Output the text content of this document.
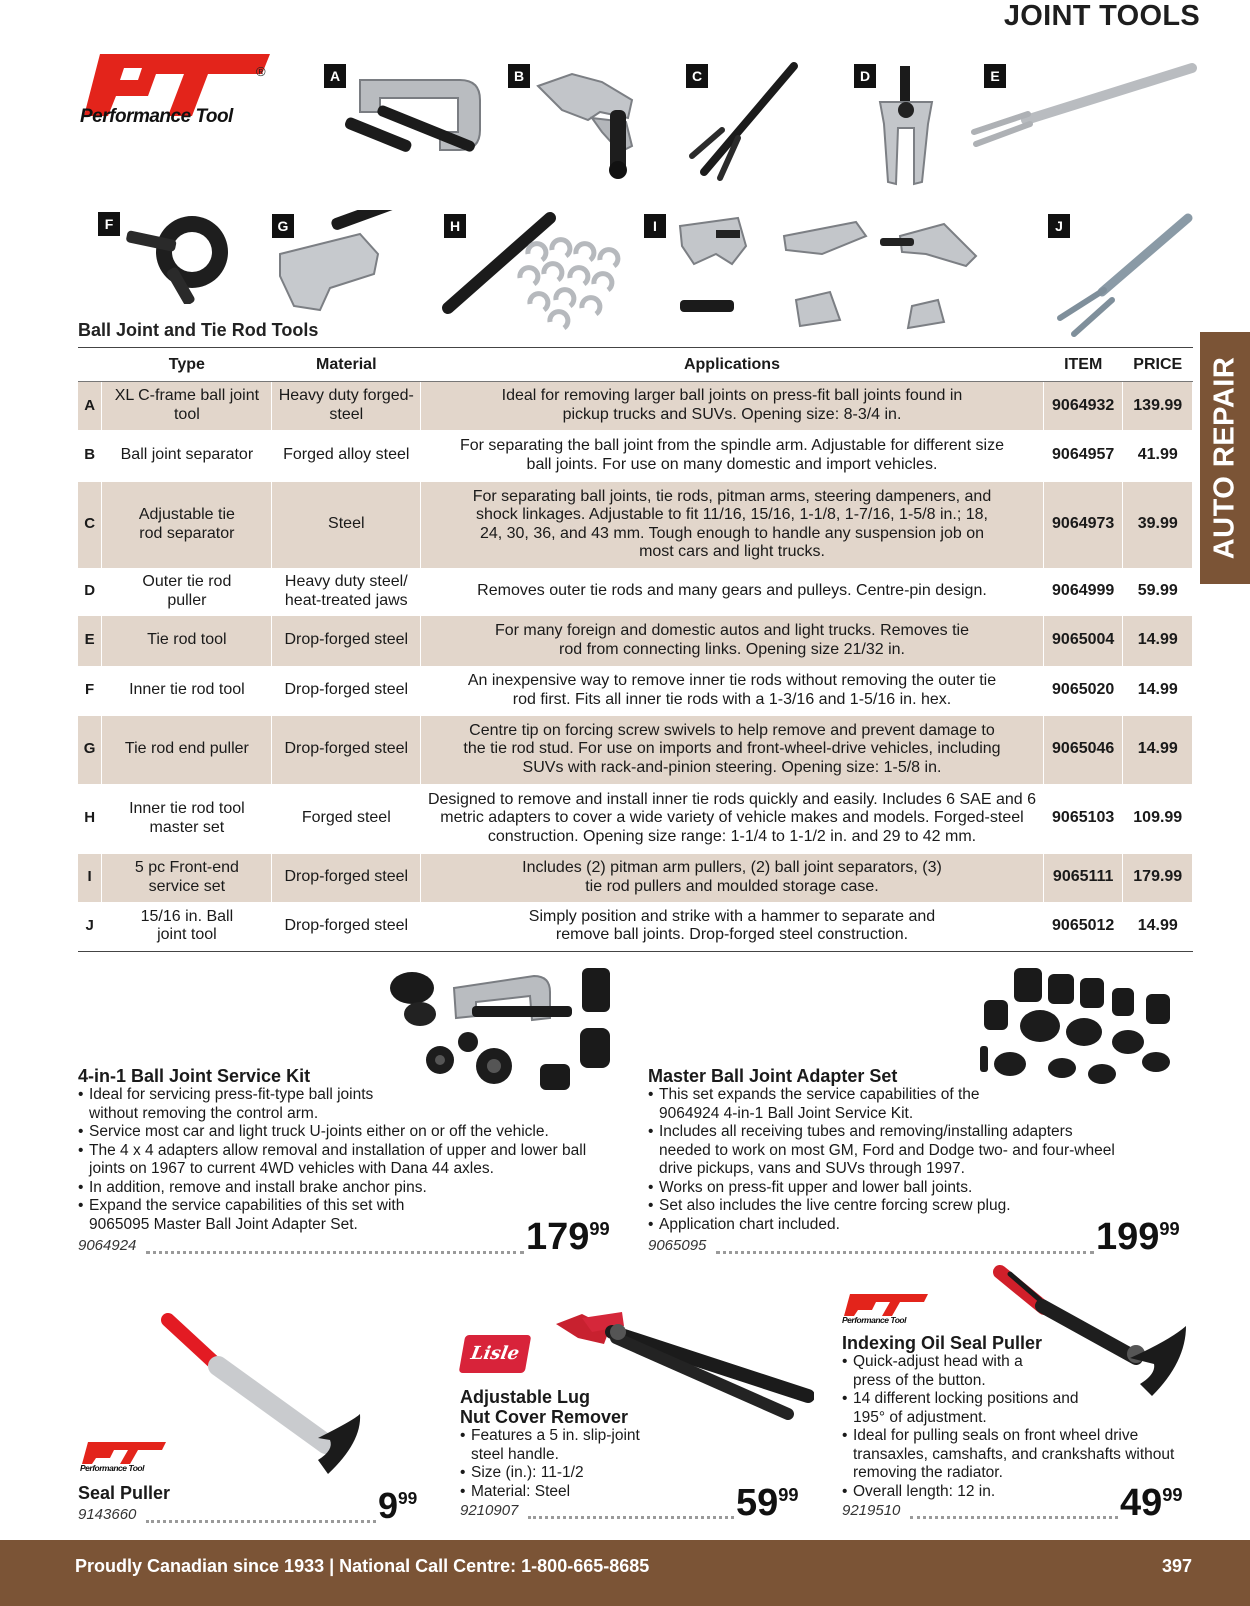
JOINT TOOLS
®
Performance Tool
A	B	C	D	E
F	G	H	I	J
Ball Joint and Tie Rod Tools
	Type	Material	Applications	ITEM	PRICE
A	XL C-frame ball joint tool	Heavy duty forged-steel	Ideal for removing larger ball joints on press-fit ball joints found in pickup trucks and SUVs. Opening size: 8-3/4 in.	9064932	139.99
B	Ball joint separator	Forged alloy steel	For separating the ball joint from the spindle arm. Adjustable for different size ball joints. For use on many domestic and import vehicles.	9064957	41.99
C	Adjustable tie rod separator	Steel	For separating ball joints, tie rods, pitman arms, steering dampeners, and shock linkages. Adjustable to fit 11/16, 15/16, 1-1/8, 1-7/16, 1-5/8 in.; 18, 24, 30, 36, and 43 mm. Tough enough to handle any suspension job on most cars and light trucks.	9064973	39.99
D	Outer tie rod puller	Heavy duty steel/ heat-treated jaws	Removes outer tie rods and many gears and pulleys. Centre-pin design.	9064999	59.99
E	Tie rod tool	Drop-forged steel	For many foreign and domestic autos and light trucks. Removes tie rod from connecting links. Opening size 21/32 in.	9065004	14.99
F	Inner tie rod tool	Drop-forged steel	An inexpensive way to remove inner tie rods without removing the outer tie rod first. Fits all inner tie rods with a 1-3/16 and 1-5/16 in. hex.	9065020	14.99
G	Tie rod end puller	Drop-forged steel	Centre tip on forcing screw swivels to help remove and prevent damage to the tie rod stud. For use on imports and front-wheel-drive vehicles, including SUVs with rack-and-pinion steering. Opening size: 1-5/8 in.	9065046	14.99
H	Inner tie rod tool master set	Forged steel	Designed to remove and install inner tie rods quickly and easily. Includes 6 SAE and 6 metric adapters to cover a wide variety of vehicle makes and models. Forged-steel construction. Opening size range: 1-1/4 to 1-1/2 in. and 29 to 42 mm.	9065103	109.99
I	5 pc Front-end service set	Drop-forged steel	Includes (2) pitman arm pullers, (2) ball joint separators, (3) tie rod pullers and moulded storage case.	9065111	179.99
J	15/16 in. Ball joint tool	Drop-forged steel	Simply position and strike with a hammer to separate and remove ball joints. Drop-forged steel construction.	9065012	14.99
AUTO REPAIR
4-in-1 Ball Joint Service Kit
• Ideal for servicing press-fit-type ball joints without removing the control arm.
• Service most car and light truck U-joints either on or off the vehicle.
• The 4 x 4 adapters allow removal and installation of upper and lower ball joints on 1967 to current 4WD vehicles with Dana 44 axles.
• In addition, remove and install brake anchor pins.
• Expand the service capabilities of this set with 9065095 Master Ball Joint Adapter Set.
9064924	$179^{99}$
Master Ball Joint Adapter Set
• This set expands the service capabilities of the 9064924 4-in-1 Ball Joint Service Kit.
• Includes all receiving tubes and removing/installing adapters needed to work on most GM, Ford and Dodge two- and four-wheel drive pickups, vans and SUVs through 1997.
• Works on press-fit upper and lower ball joints.
• Set also includes the live centre forcing screw plug.
• Application chart included.
9065095	$199^{99}$
Performance Tool
Seal Puller
9143660	$9^{99}$
Lisle
Adjustable Lug
Nut Cover Remover
• Features a 5 in. slip-joint steel handle.
• Size (in.): 11-1/2
• Material: Steel
9210907	$59^{99}$
Performance Tool
Indexing Oil Seal Puller
• Quick-adjust head with a press of the button.
• 14 different locking positions and 195° of adjustment.
• Ideal for pulling seals on front wheel drive transaxles, camshafts, and crankshafts without removing the radiator.
• Overall length: 12 in.
9219510	$49^{99}$
Proudly Canadian since 1933 | National Call Centre: 1-800-665-8685	397
